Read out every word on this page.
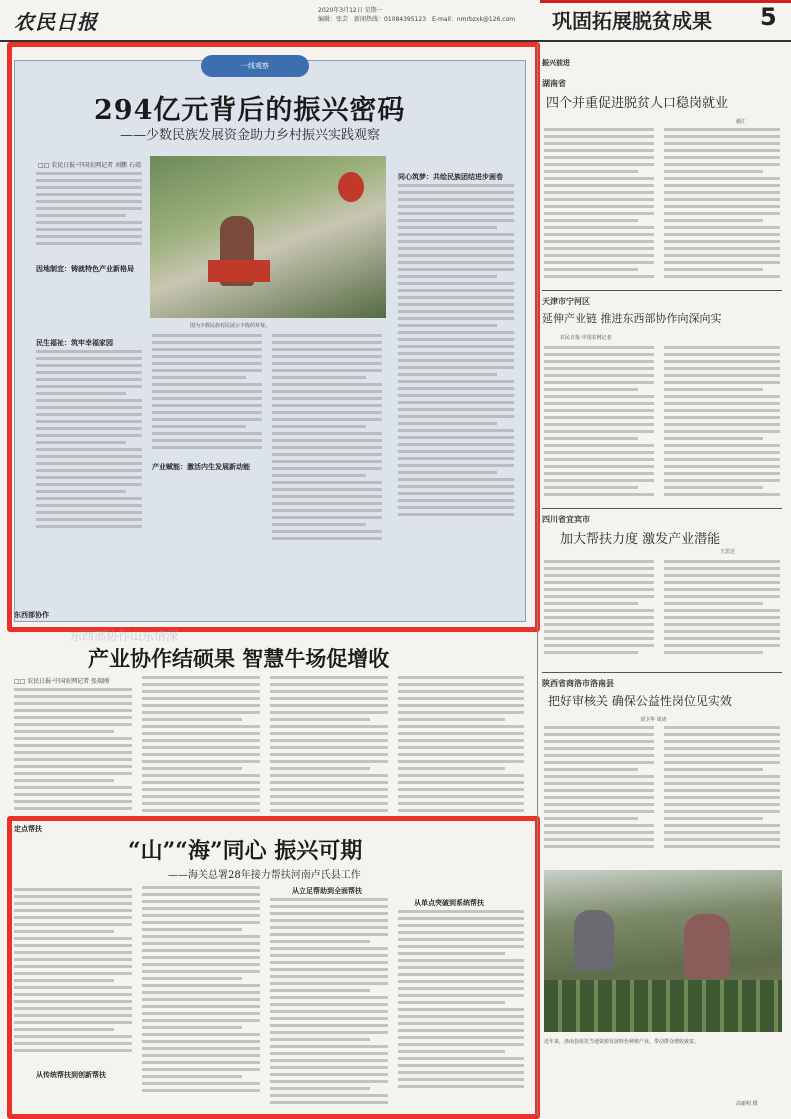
农民日报	2020年3月12日 星期一
编辑：张芸 新闻热线：01084395123 E-mail：nmrbzxk@126.com	巩固拓展脱贫成果 5
一线观察
294亿元背后的振兴密码
——少数民族发展资金助力乡村振兴实践观察
□□ 农民日报·中国农网记者 刘鹏 石靖
图为少数民族村民展示丰收的草莓。
因地制宜：铸就特色产业新格局
民生福祉：筑牢幸福家园
产业赋能：激活内生发展新动能
同心筑梦：共绘民族团结进步画卷
东西部协作
东西部协作山东情深
产业协作结硕果 智慧牛场促增收
□□ 农民日报·中国农网记者 张瑞刚
定点帮扶
“山”“海”同心 振兴可期
——海关总署28年接力帮扶河南卢氏县工作
从立足帮助到全面帮扶
从单点突破到系统帮扶
从传统帮扶到创新帮扶
振兴前进
湖南省
四个并重促进脱贫人口稳岗就业
谢汇
天津市宁河区
延伸产业链 推进东西部协作向深向实
农民日报·中国农网记者
四川省宜宾市
加大帮扶力度 激发产业潜能
王思达
陕西省商洛市洛南县
把好审核关 确保公益性岗位见实效
刘卫华 周涛
近年来，洛南县依托当地资源发展特色种植产业，带动群众增收致富。
高新明 摄
